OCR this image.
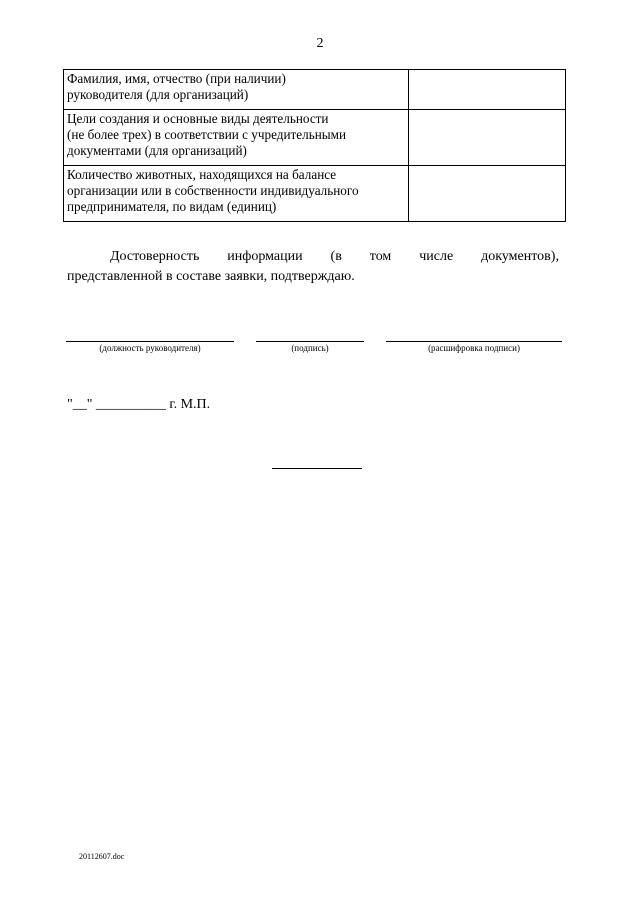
2
Фамилия, имя, отчество (при наличии)
руководителя (для организаций)	

Цели создания и основные виды деятельности
(не более трех) в соответствии с учредительными
документами (для организаций)	

Количество животных, находящихся на балансе
организации или в собственности индивидуального
предпринимателя, по видам (единиц)	

Достоверность информации (в том числе документов),
представленной в составе заявки, подтверждаю.
(должность руководителя)	(подпись)	(расшифровка подписи)
"__" __________ г. М.П.
20112607.doc
